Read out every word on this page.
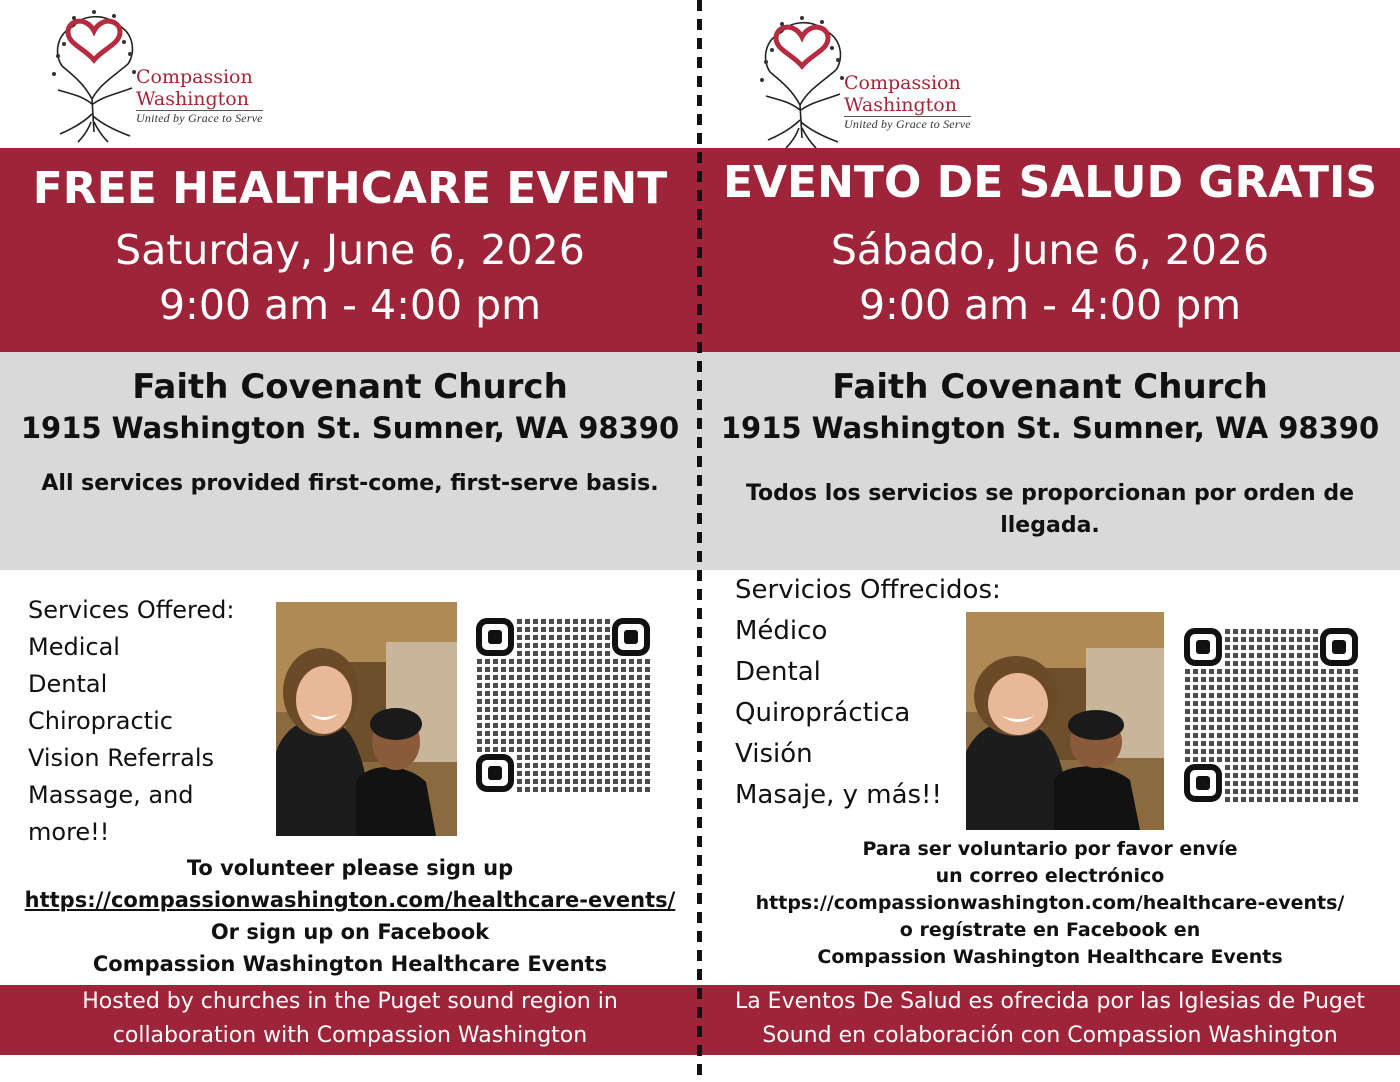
Compassion
Washington
United by Grace to Serve
FREE HEALTHCARE EVENT
Saturday, June 6, 2026
9:00 am - 4:00 pm
Faith Covenant Church
1915 Washington St. Sumner, WA 98390
All services provided first-come, first-serve basis.
Services Offered:
Medical
Dental
Chiropractic
Vision Referrals
Massage, and
more!!
To volunteer please sign up
https://compassionwashington.com/healthcare-events/
Or sign up on Facebook
Compassion Washington Healthcare Events
Hosted by churches in the Puget sound region in
collaboration with Compassion Washington
Compassion
Washington
United by Grace to Serve
EVENTO DE SALUD GRATIS
Sábado, June 6, 2026
9:00 am - 4:00 pm
Faith Covenant Church
1915 Washington St. Sumner, WA 98390
Todos los servicios se proporcionan por orden de
llegada.
Servicios Offrecidos:
Médico
Dental
Quiropráctica
Visión
Masaje, y más!!
Para ser voluntario por favor envíe
un correo electrónico
https://compassionwashington.com/healthcare-events/
o regístrate en Facebook en
Compassion Washington Healthcare Events
La Eventos De Salud es ofrecida por las Iglesias de Puget
Sound en colaboración con Compassion Washington
